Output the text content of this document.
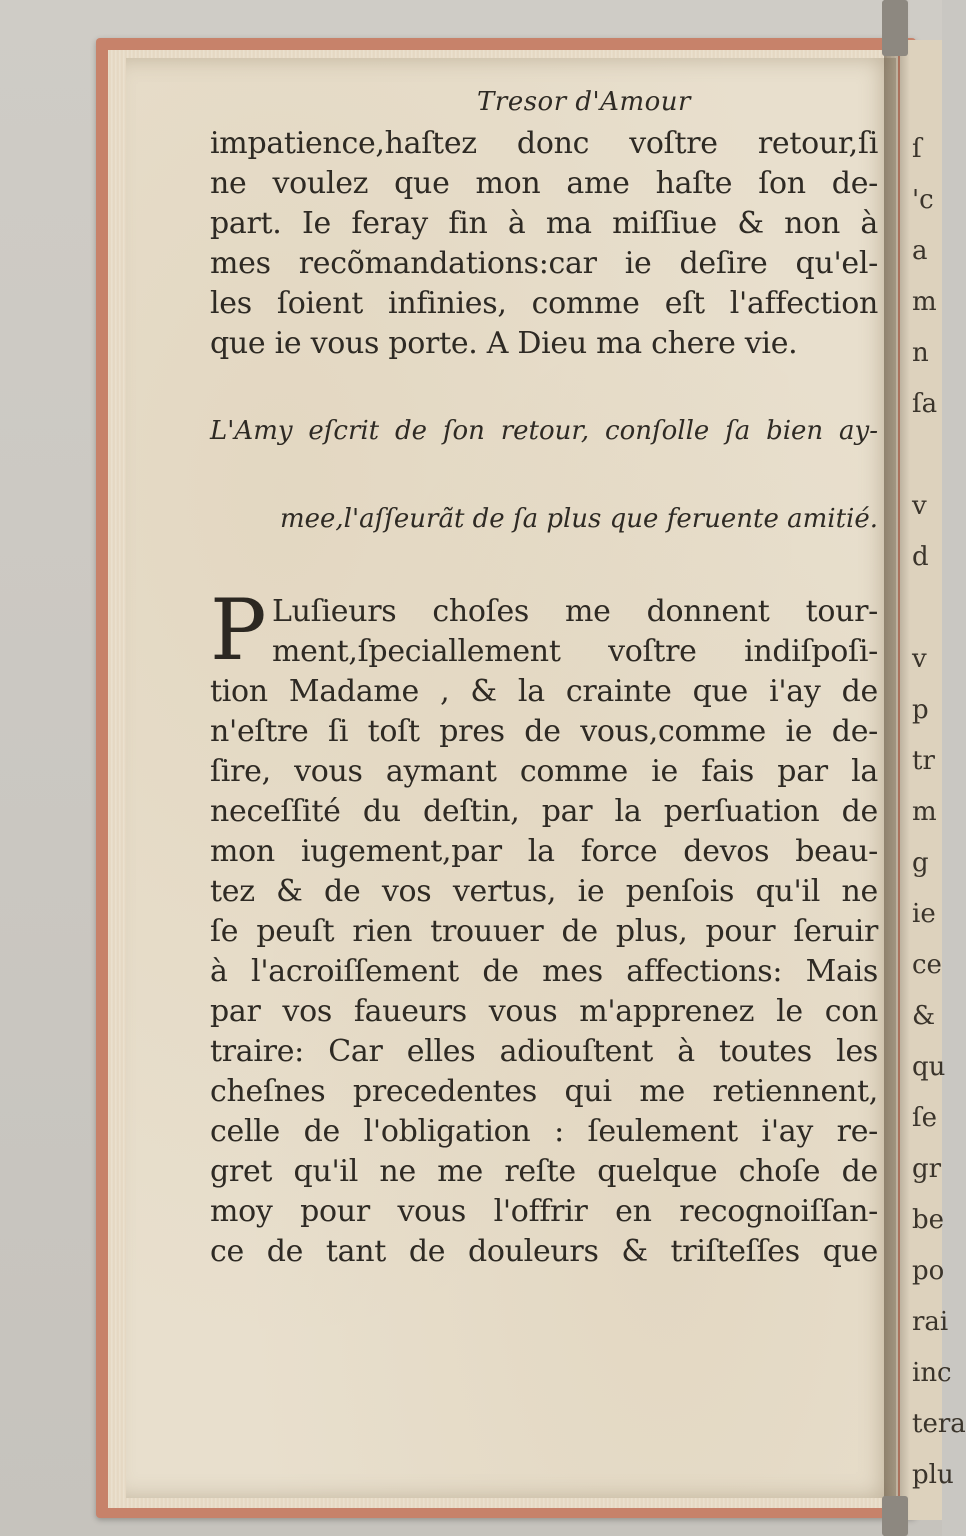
Tresor d'Amour
impatience,haſtez donc voſtre retour,ſi
ne voulez que mon ame haſte ſon de-
part. Ie feray fin à ma miſſiue & non à
mes recõmandations:car ie deſire qu'el-
les ſoient infinies, comme eſt l'affection
que ie vous porte. A Dieu ma chere vie.
L'Amy eſcrit de ſon retour, conſolle ſa bien ay-
mee,l'aſſeurãt de ſa plus que feruente amitié.
P Luſieurs choſes me donnent tour-
ment,ſpeciallement voſtre indiſpoſi-
tion Madame , & la crainte que i'ay de
n'eſtre ſi toſt pres de vous,comme ie de-
ſire, vous aymant comme ie fais par la
neceſſité du deſtin, par la perſuation de
mon iugement,par la force devos beau-
tez & de vos vertus, ie penſois qu'il ne
ſe peuſt rien trouuer de plus, pour ſeruir
à l'acroiſſement de mes affections: Mais
par vos faueurs vous m'apprenez le con
traire: Car elles adiouſtent à toutes les
cheſnes precedentes qui me retiennent,
celle de l'obligation : ſeulement i'ay re-
gret qu'il ne me reſte quelque choſe de
moy pour vous l'offrir en recognoiſſan-
ce de tant de douleurs & triſteſſes que
ſ
'c
a
m
n
ſa
v
d
v
p
tr
m
g
ie
ce
&
qu
ſe
gr
be
po
rai
inc
tera
plu
